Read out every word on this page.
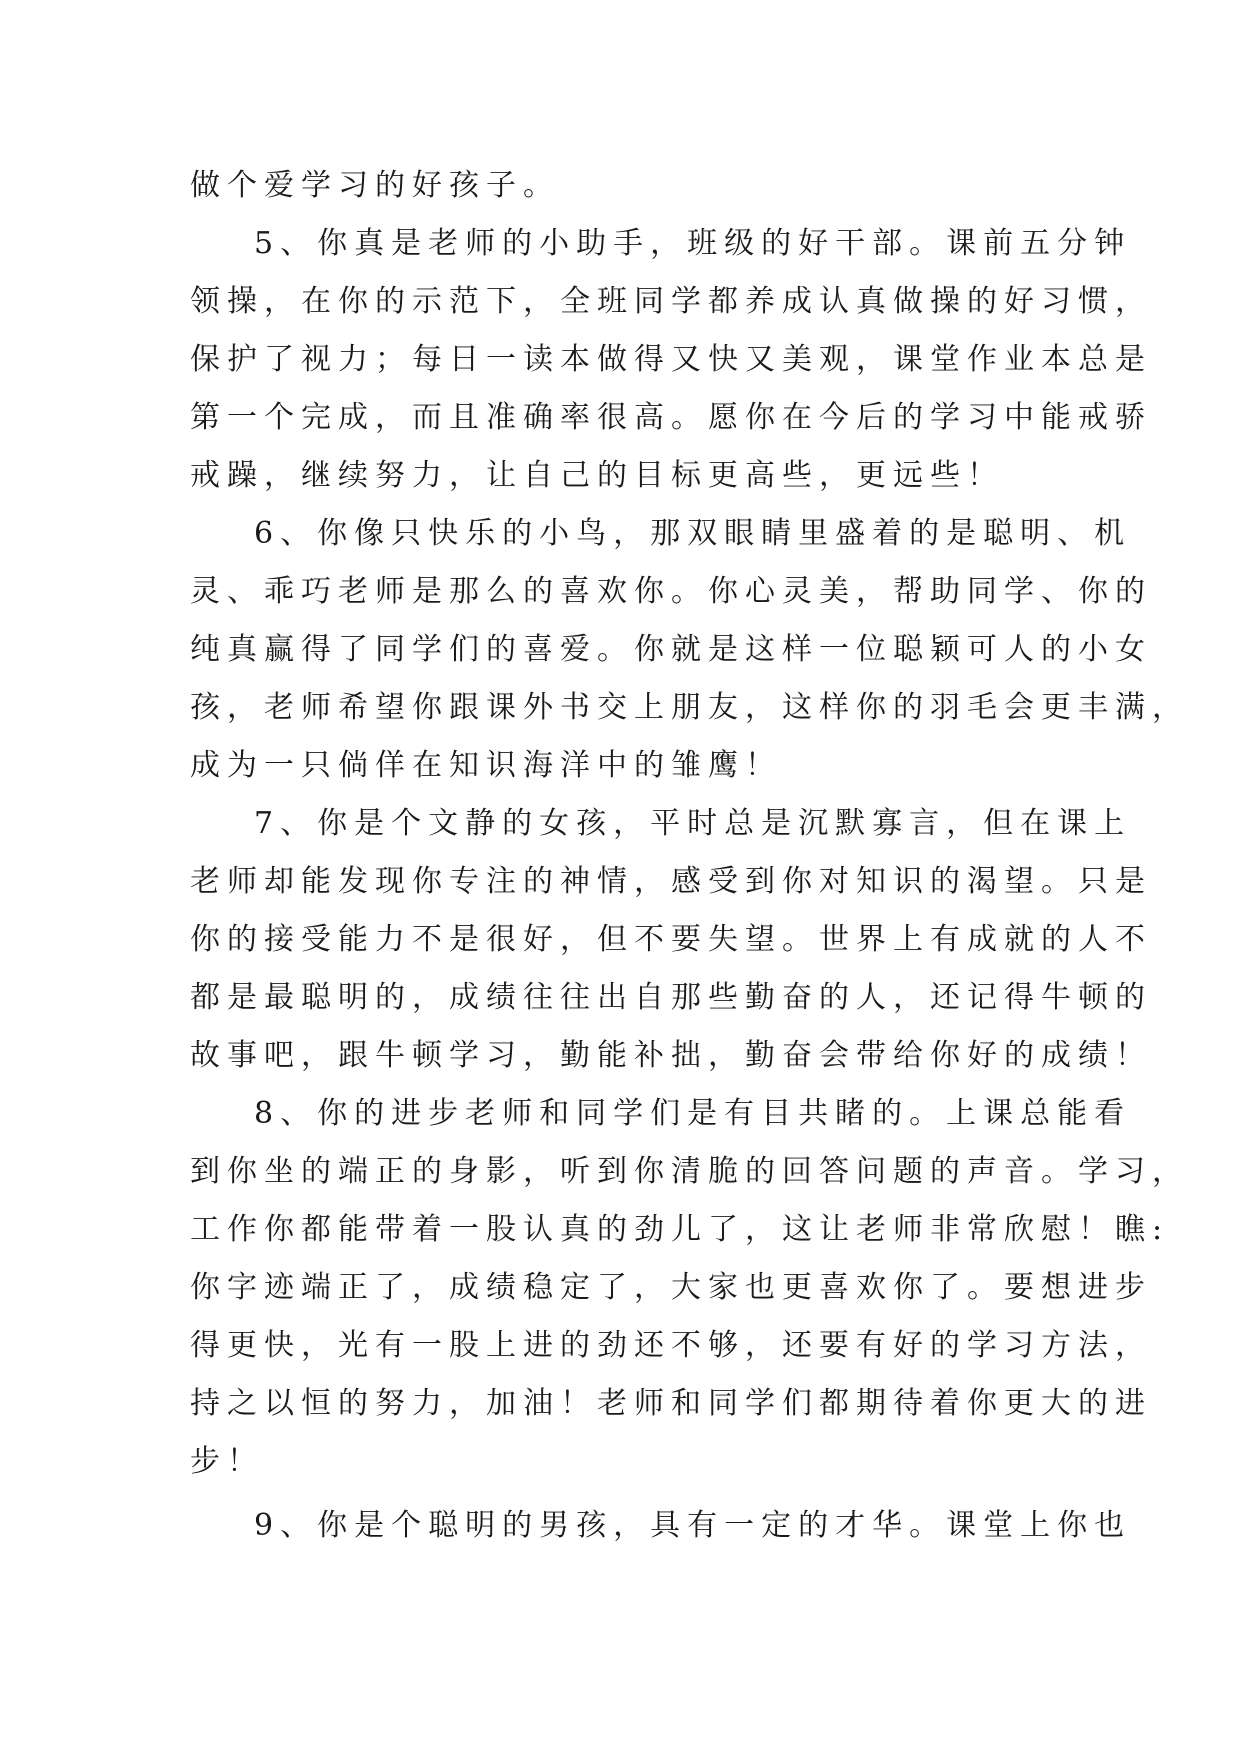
做个爱学习的好孩子。
5、你真是老师的小助手，班级的好干部。课前五分钟
领操，在你的示范下，全班同学都养成认真做操的好习惯，
保护了视力；每日一读本做得又快又美观，课堂作业本总是
第一个完成，而且准确率很高。愿你在今后的学习中能戒骄
戒躁，继续努力，让自己的目标更高些，更远些！
6、你像只快乐的小鸟，那双眼睛里盛着的是聪明、机
灵、乖巧老师是那么的喜欢你。你心灵美，帮助同学、你的
纯真赢得了同学们的喜爱。你就是这样一位聪颖可人的小女
孩，老师希望你跟课外书交上朋友，这样你的羽毛会更丰满，
成为一只倘佯在知识海洋中的雏鹰！
7、你是个文静的女孩，平时总是沉默寡言，但在课上
老师却能发现你专注的神情，感受到你对知识的渴望。只是
你的接受能力不是很好，但不要失望。世界上有成就的人不
都是最聪明的，成绩往往出自那些勤奋的人，还记得牛顿的
故事吧，跟牛顿学习，勤能补拙，勤奋会带给你好的成绩！
8、你的进步老师和同学们是有目共睹的。上课总能看
到你坐的端正的身影，听到你清脆的回答问题的声音。学习，
工作你都能带着一股认真的劲儿了，这让老师非常欣慰！瞧:
你字迹端正了，成绩稳定了，大家也更喜欢你了。要想进步
得更快，光有一股上进的劲还不够，还要有好的学习方法，
持之以恒的努力，加油！老师和同学们都期待着你更大的进
步！
9、你是个聪明的男孩，具有一定的才华。课堂上你也
